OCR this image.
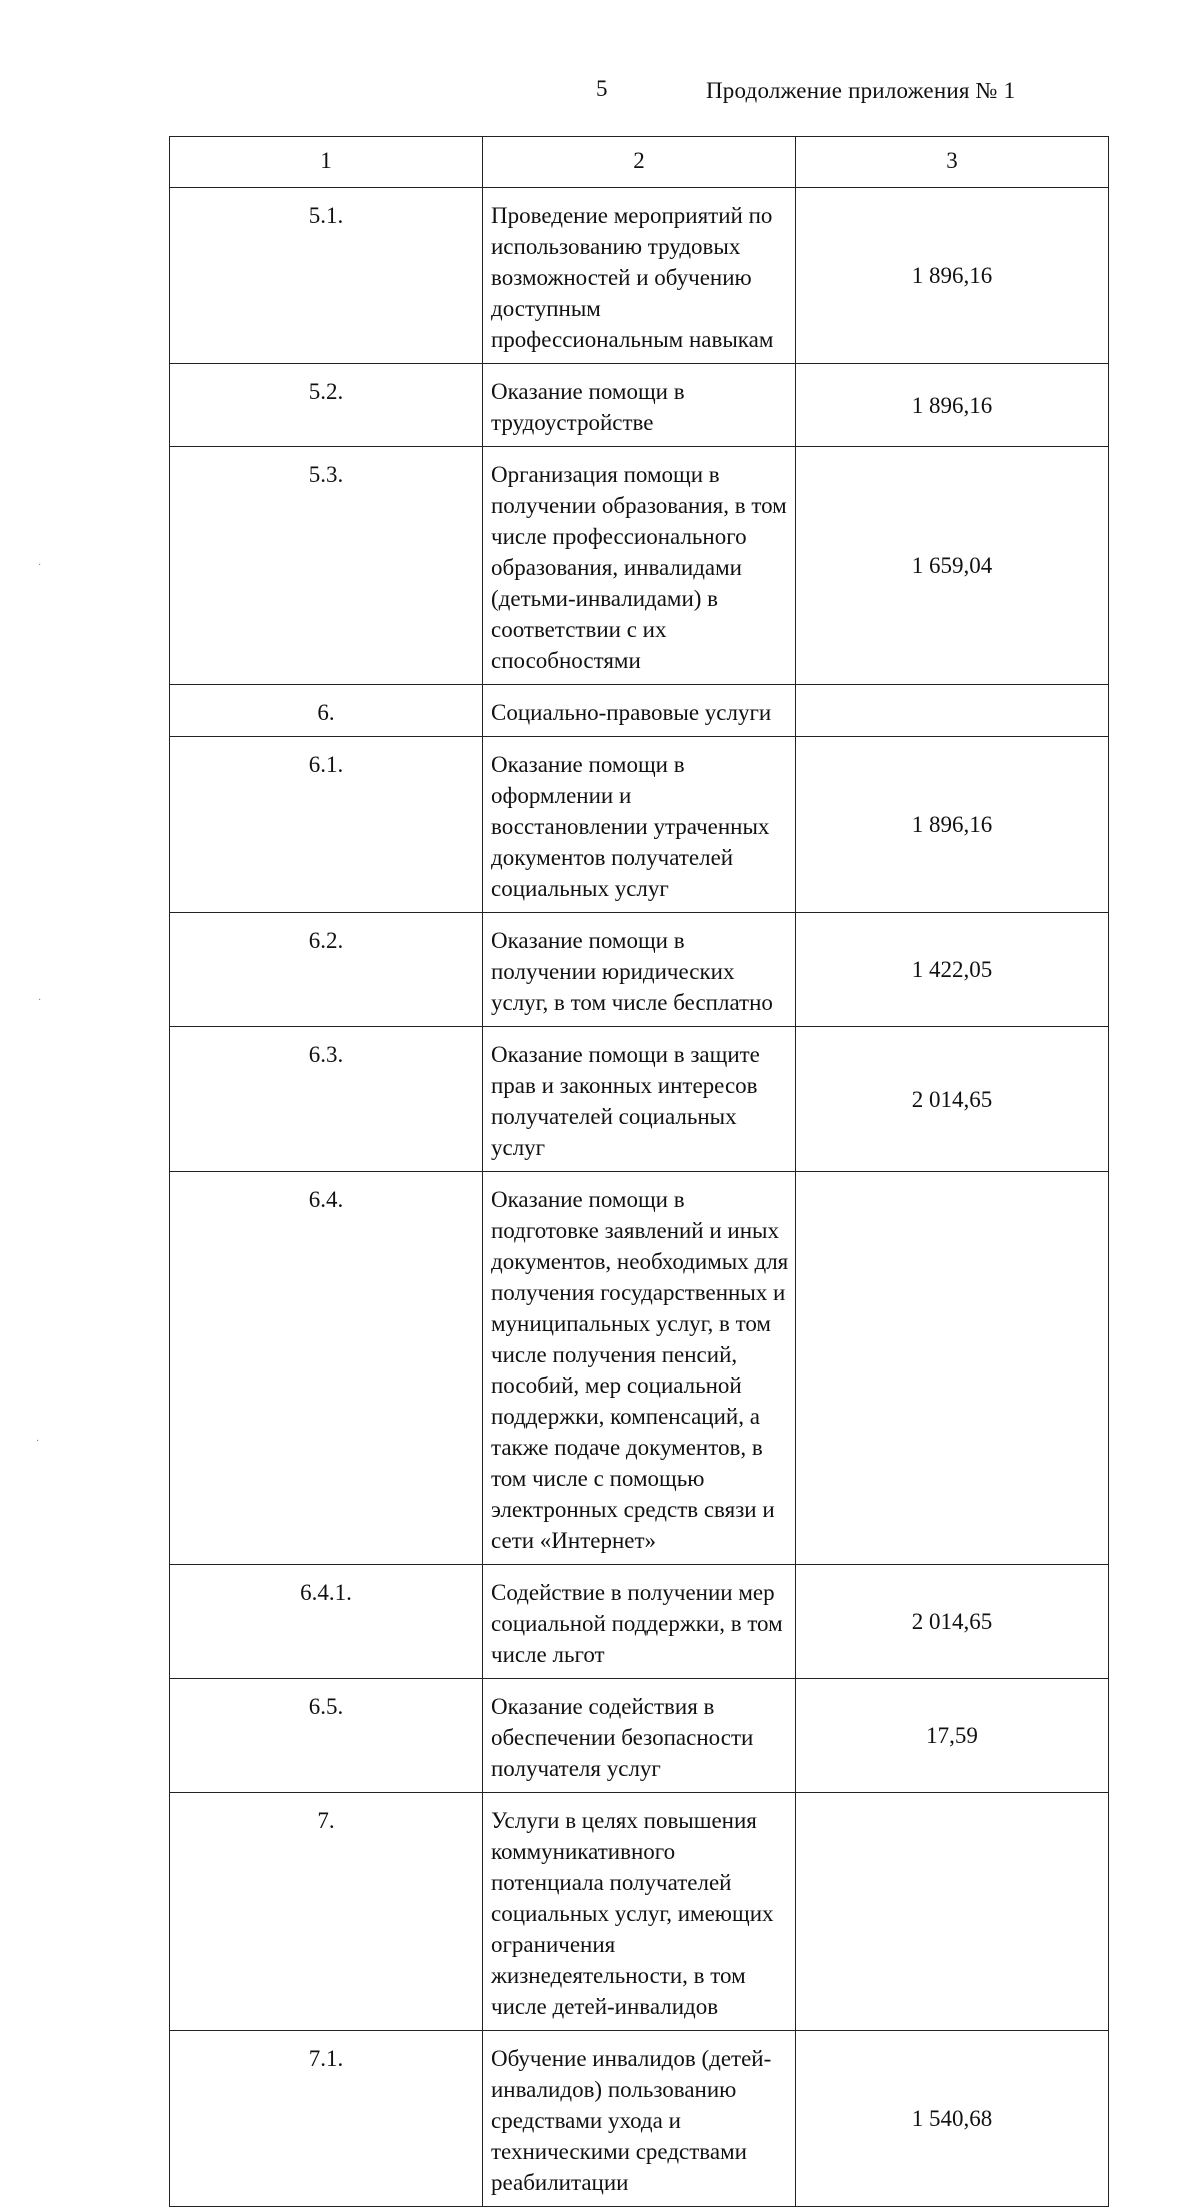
5	Продолжение приложения № 1
·
·
·
1	2	3
5.1.	Проведение мероприятий по использованию трудовых возможностей и обучению доступным профессиональным навыкам	1 896,16
5.2.	Оказание помощи в трудоустройстве	1 896,16
5.3.	Организация помощи в получении образования, в том числе профессионального образования, инвалидами (детьми-инвалидами) в соответствии с их способностями	1 659,04
6.	Социально-правовые услуги	
6.1.	Оказание помощи в оформлении и восстановлении утраченных документов получателей социальных услуг	1 896,16
6.2.	Оказание помощи в получении юридических услуг, в том числе бесплатно	1 422,05
6.3.	Оказание помощи в защите прав и законных интересов получателей социальных услуг	2 014,65
6.4.	Оказание помощи в подготовке заявлений и иных документов, необходимых для получения государственных и муниципальных услуг, в том числе получения пенсий, пособий, мер социальной поддержки, компенсаций, а также подаче документов, в том числе с помощью электронных средств связи и сети «Интернет»	
6.4.1.	Содействие в получении мер социальной поддержки, в том числе льгот	2 014,65
6.5.	Оказание содействия в обеспечении безопасности получателя услуг	17,59
7.	Услуги в целях повышения коммуникативного потенциала получателей социальных услуг, имеющих ограничения жизнедеятельности, в том числе детей-инвалидов	
7.1.	Обучение инвалидов (детей-инвалидов) пользованию средствами ухода и техническими средствами реабилитации	1 540,68
